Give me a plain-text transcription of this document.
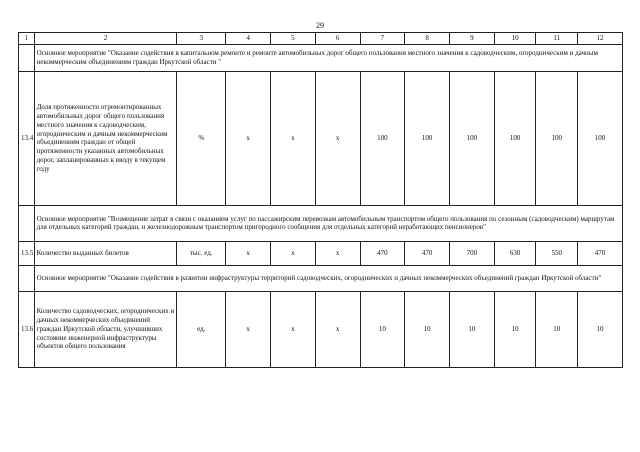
29
1	2	3	4	5	6	7	8	9	10	11	12
	Основное мероприятие "Оказание содействия в капитальном ремонте и ремонте автомобильных дорог общего пользования местного значения к садоводческим, огородническим и дачным некоммерческим объединениям граждан Иркутской области "										
13.4	Доля протяженности отремонтированных автомобильных дорог общего пользования местного значения к садоводческим, огородническим и дачным некоммерческим объединениям граждан от общей протяженности указанных автомобильных дорог, запланированных к вводу в текущем году	%	х	х	х	100	100	100	100	100	100
	Основное мероприятие "Возмещение затрат в связи с оказанием услуг по пассажирским перевозкам автомобильным транспортом общего пользования по сезонным (садоводческим) маршрутам для отдельных категорий граждан, и железнодорожным транспортом пригородного сообщения для отдельных категорий неработающих пенсионеров"										
13.5	Количество выданных билетов	тыс. ед.	х	х	х	470	470	700	630	550	470
	Основное мероприятие "Оказание содействия в развитии инфраструктуры территорий садоводческих, огороднических и дачных некоммерческих объединений граждан Иркутской области"										
13.6	Количество садоводческих, огороднических и дачных некоммерческих объединений граждан Иркутской области, улучшивших состояние инженерной инфраструктуры объектов общего пользования	ед.	х	х	х	10	10	10	10	10	10
